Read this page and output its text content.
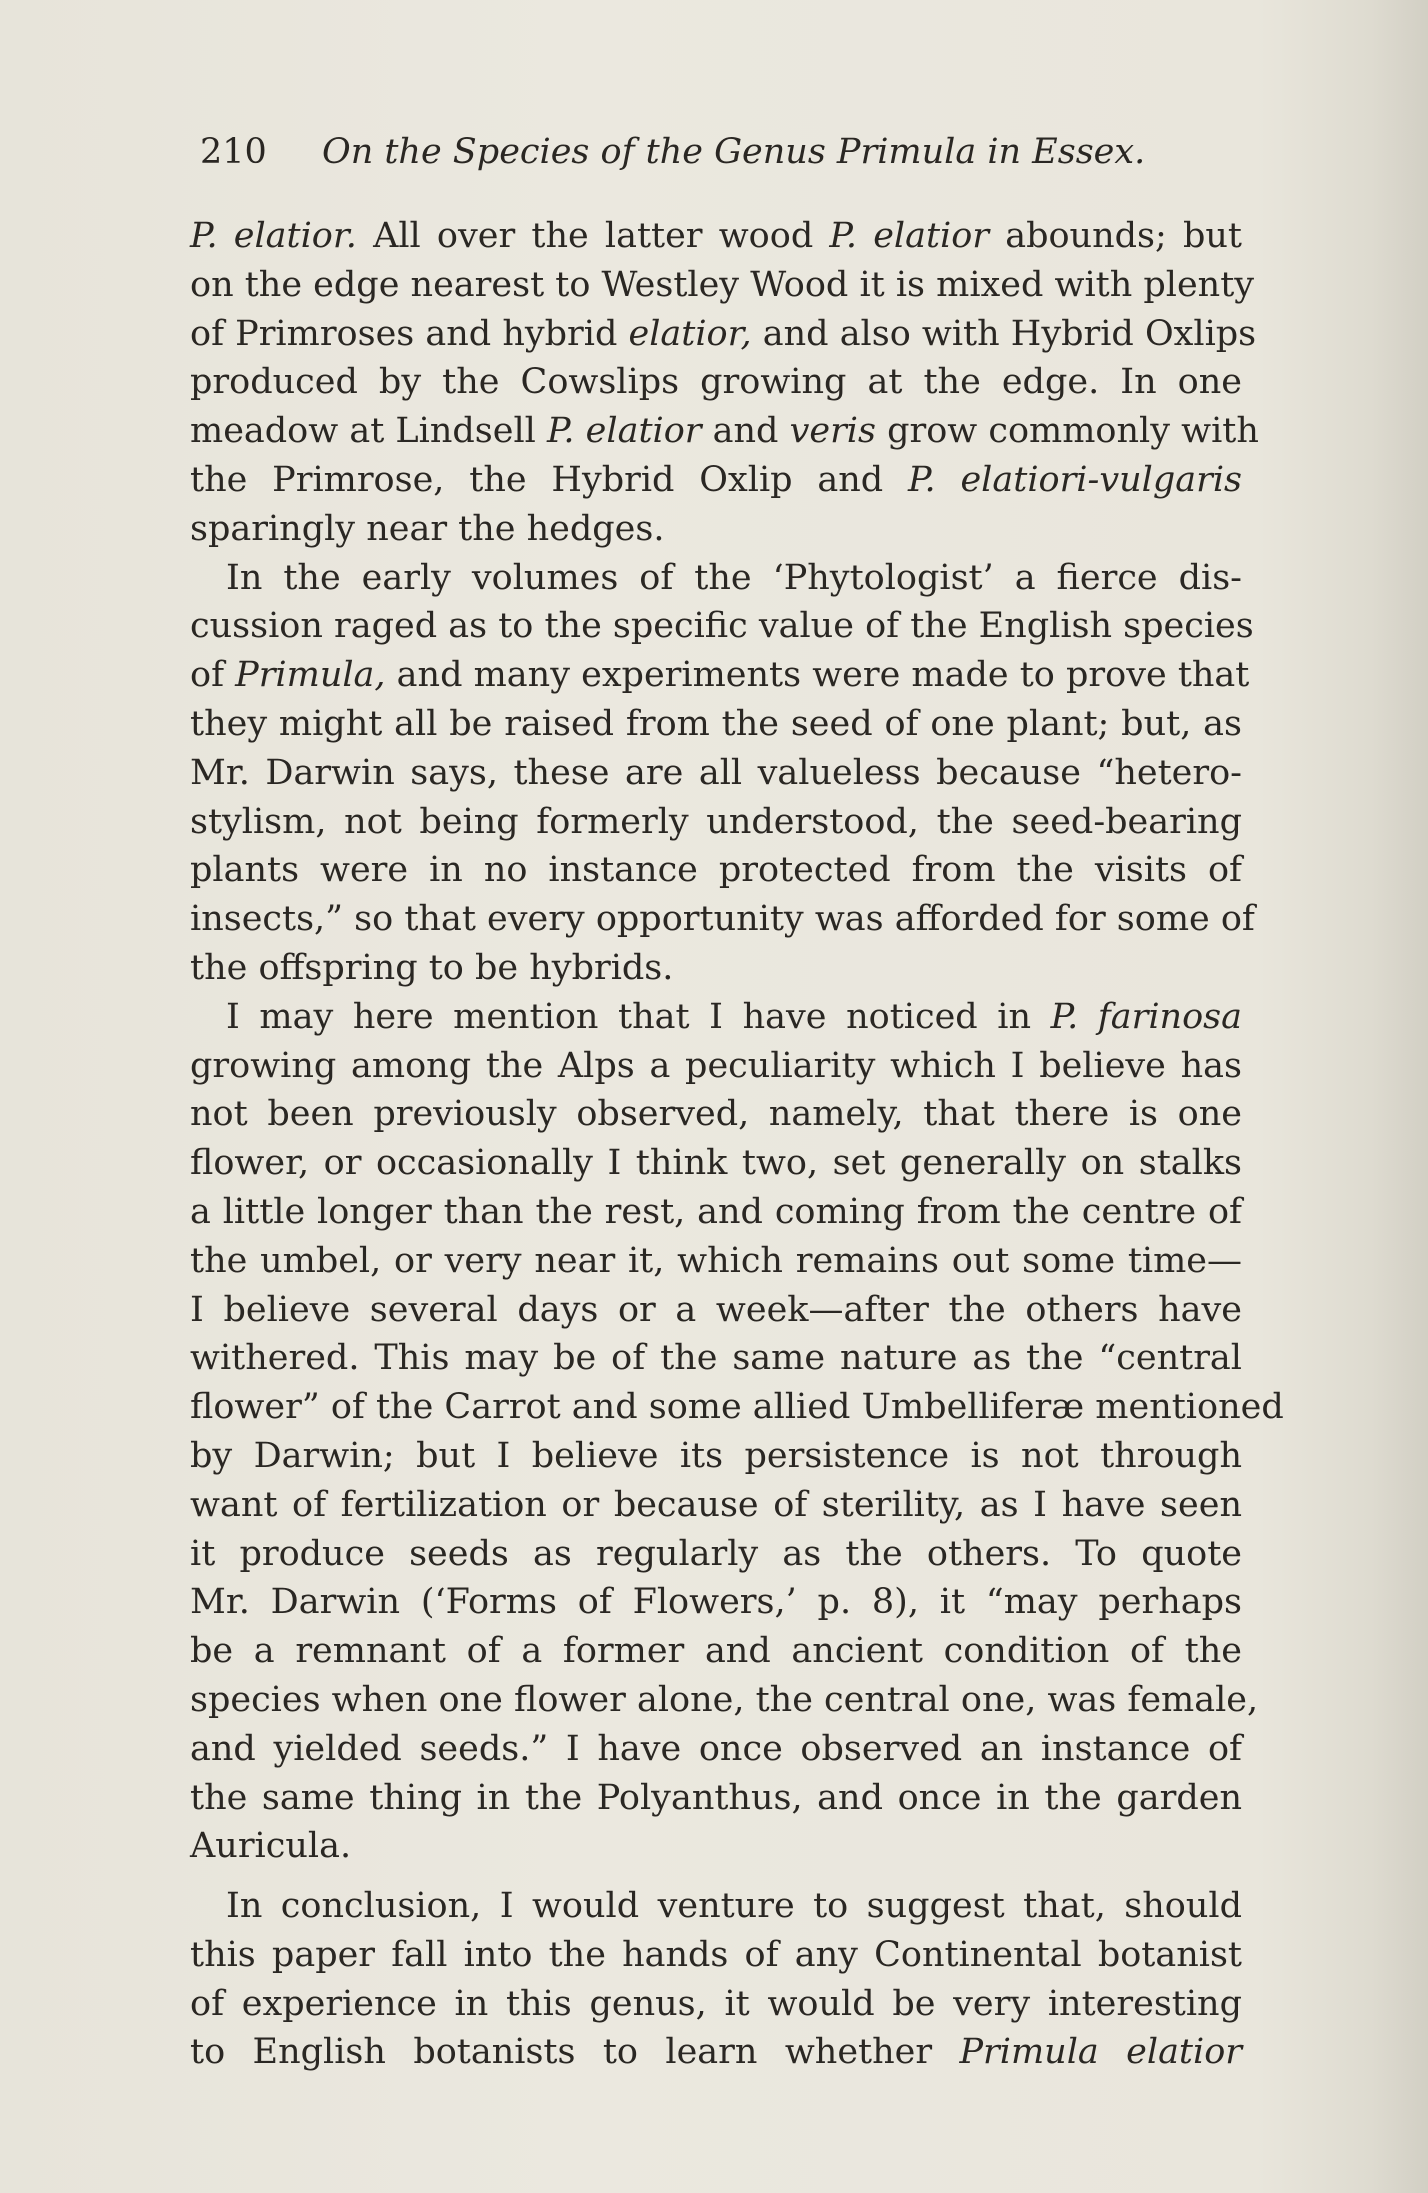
210 On the Species of the Genus Primula in Essex.
P. elatior. All over the latter wood P. elatior abounds; but
on the edge nearest to Westley Wood it is mixed with plenty
of Primroses and hybrid elatior, and also with Hybrid Oxlips
produced by the Cowslips growing at the edge. In one
meadow at Lindsell P. elatior and veris grow commonly with
the Primrose, the Hybrid Oxlip and P. elatiori-vulgaris
sparingly near the hedges.
In the early volumes of the ‘Phytologist’ a fierce dis-
cussion raged as to the specific value of the English species
of Primula, and many experiments were made to prove that
they might all be raised from the seed of one plant; but, as
Mr. Darwin says, these are all valueless because “hetero-
stylism, not being formerly understood, the seed-bearing
plants were in no instance protected from the visits of
insects,” so that every opportunity was afforded for some of
the offspring to be hybrids.
I may here mention that I have noticed in P. farinosa
growing among the Alps a peculiarity which I believe has
not been previously observed, namely, that there is one
flower, or occasionally I think two, set generally on stalks
a little longer than the rest, and coming from the centre of
the umbel, or very near it, which remains out some time—
I believe several days or a week—after the others have
withered. This may be of the same nature as the “central
flower” of the Carrot and some allied Umbelliferæ mentioned
by Darwin; but I believe its persistence is not through
want of fertilization or because of sterility, as I have seen
it produce seeds as regularly as the others. To quote
Mr. Darwin (‘Forms of Flowers,’ p. 8), it “may perhaps
be a remnant of a former and ancient condition of the
species when one flower alone, the central one, was female,
and yielded seeds.” I have once observed an instance of
the same thing in the Polyanthus, and once in the garden
Auricula.
In conclusion, I would venture to suggest that, should
this paper fall into the hands of any Continental botanist
of experience in this genus, it would be very interesting
to English botanists to learn whether Primula elatior
